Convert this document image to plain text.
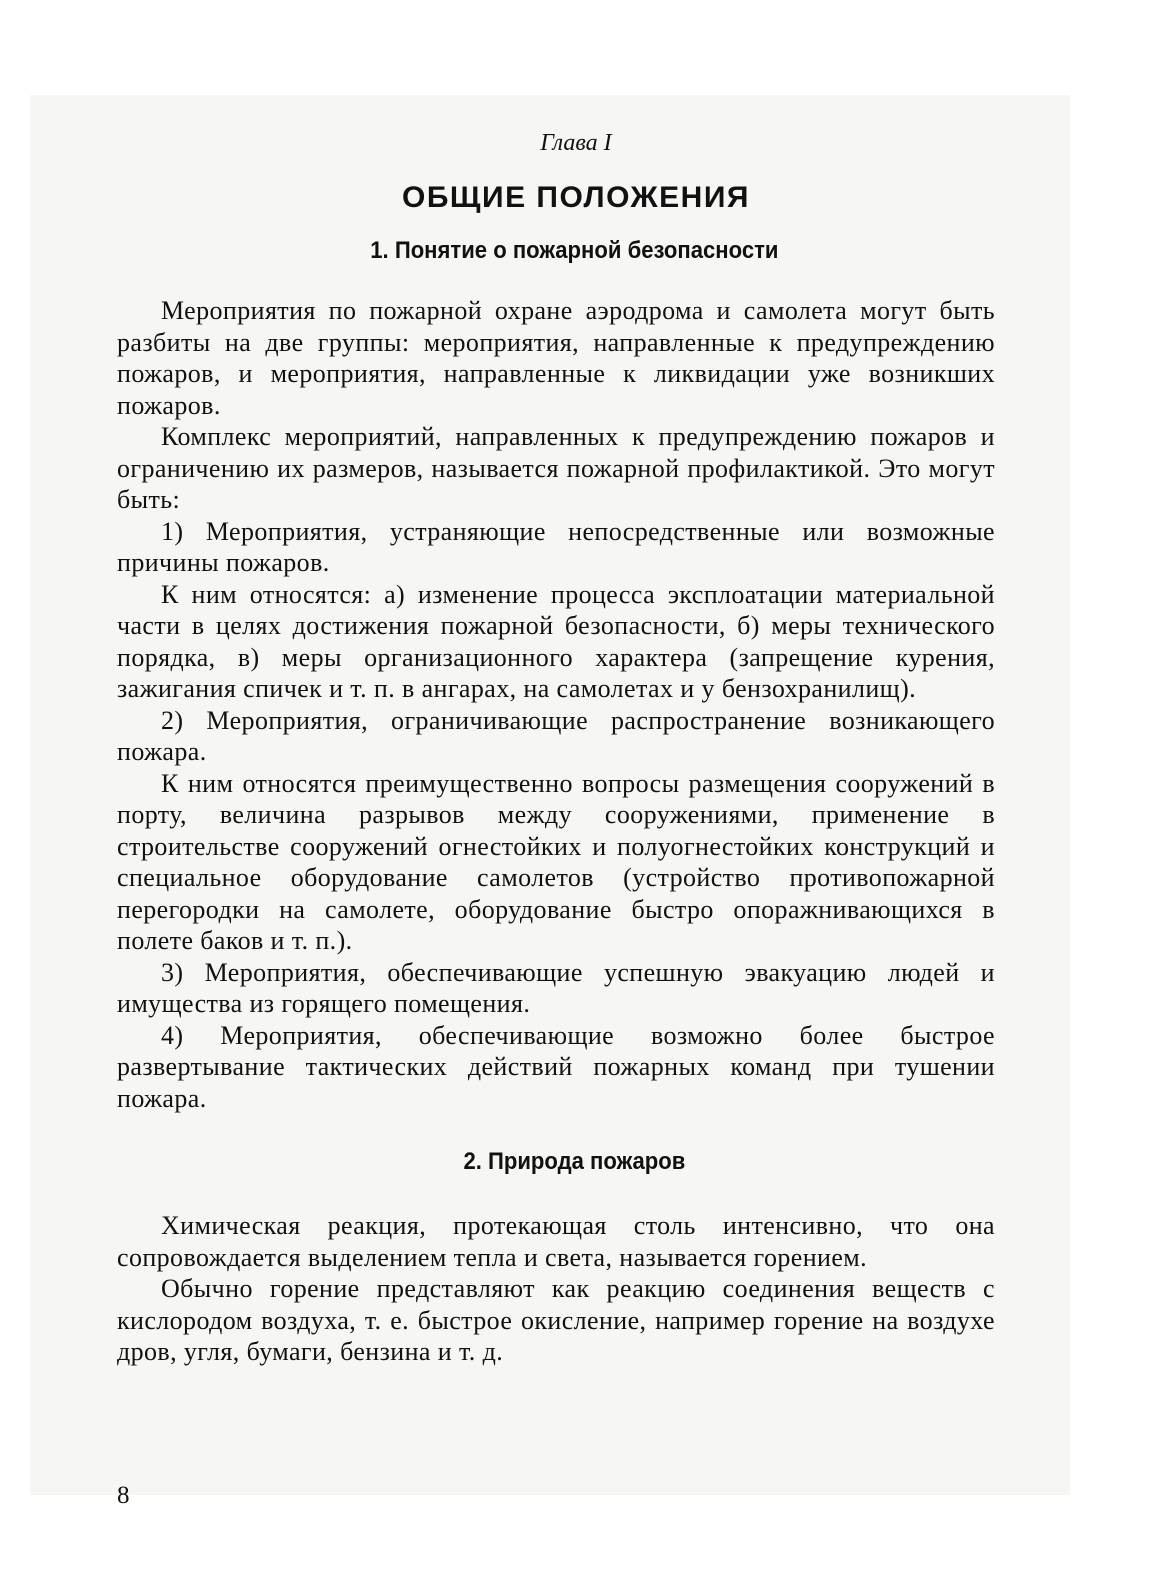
Глава I

ОБЩИЕ ПОЛОЖЕНИЯ
1. Понятие о пожарной безопасности

Мероприятия по пожарной охране аэродрома и самолета могут быть разбиты на две группы: мероприятия, направленные к предупреждению пожаров, и мероприятия, направленные к ликвидации уже возникших пожаров.

Комплекс мероприятий, направленных к предупреждению пожаров и ограничению их размеров, называется пожарной профилактикой. Это могут быть:

1) Мероприятия, устраняющие непосредственные или возможные причины пожаров.

К ним относятся: а) изменение процесса эксплоатации материальной части в целях достижения пожарной безопасности, б) меры технического порядка, в) меры организационного характера (запрещение курения, зажигания спичек и т. п. в ангарах, на самолетах и у бензохранилищ).

2) Мероприятия, ограничивающие распространение возникающего пожара.

К ним относятся преимущественно вопросы размещения сооружений в порту, величина разрывов между сооружениями, применение в строительстве сооружений огнестойких и полуогнестойких конструкций и специальное оборудование самолетов (устройство противопожарной перегородки на самолете, оборудование быстро опоражнивающихся в полете баков и т. п.).

3) Мероприятия, обеспечивающие успешную эвакуацию людей и имущества из горящего помещения.

4) Мероприятия, обеспечивающие возможно более быстрое развертывание тактических действий пожарных команд при тушении пожара.

2. Природа пожаров

Химическая реакция, протекающая столь интенсивно, что она сопровождается выделением тепла и света, называется горением.

Обычно горение представляют как реакцию соединения веществ с кислородом воздуха, т. е. быстрое окисление, например горение на воздухе дров, угля, бумаги, бензина и т. д.

8
